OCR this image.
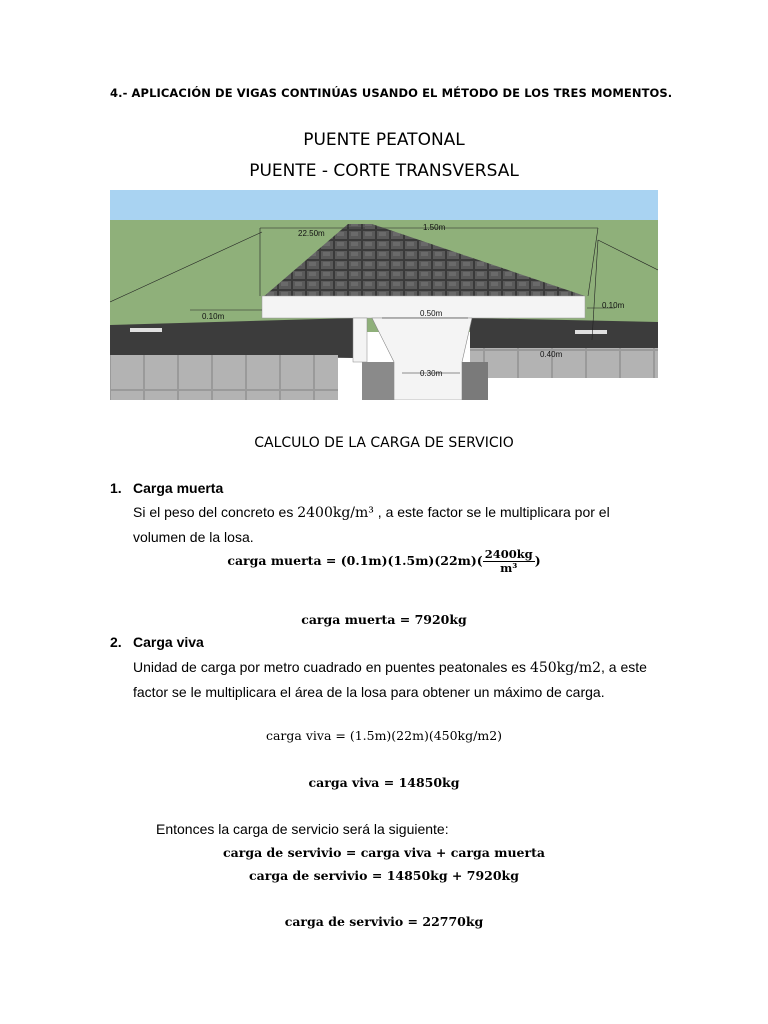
4.- APLICACIÓN DE VIGAS CONTINÚAS USANDO EL MÉTODO DE LOS TRES MOMENTOS.
PUENTE PEATONAL
PUENTE - CORTE TRANSVERSAL
22.50m
1.50m
0.10m
0.10m
0.50m
0.40m
0.30m
CALCULO DE LA CARGA DE SERVICIO
1. Carga muerta
Si el peso del concreto es 2400kg/m³ , a este factor se le multiplicara por el volumen de la losa.
carga muerta = $(0.1m)(1.5m)(22m)( \frac{2400kg}{\text{m³}}$ )
carga muerta = 7920kg
2. Carga viva
Unidad de carga por metro cuadrado en puentes peatonales es 450kg/m2, a este factor se le multiplicara el área de la losa para obtener un máximo de carga.
carga viva = (1.5m)(22m)(450kg/m2)
carga viva = 14850kg
Entonces la carga de servicio será la siguiente:
carga de servivio = carga viva + carga muerta
carga de servivio = 14850kg + 7920kg
carga de servivio = 22770kg
